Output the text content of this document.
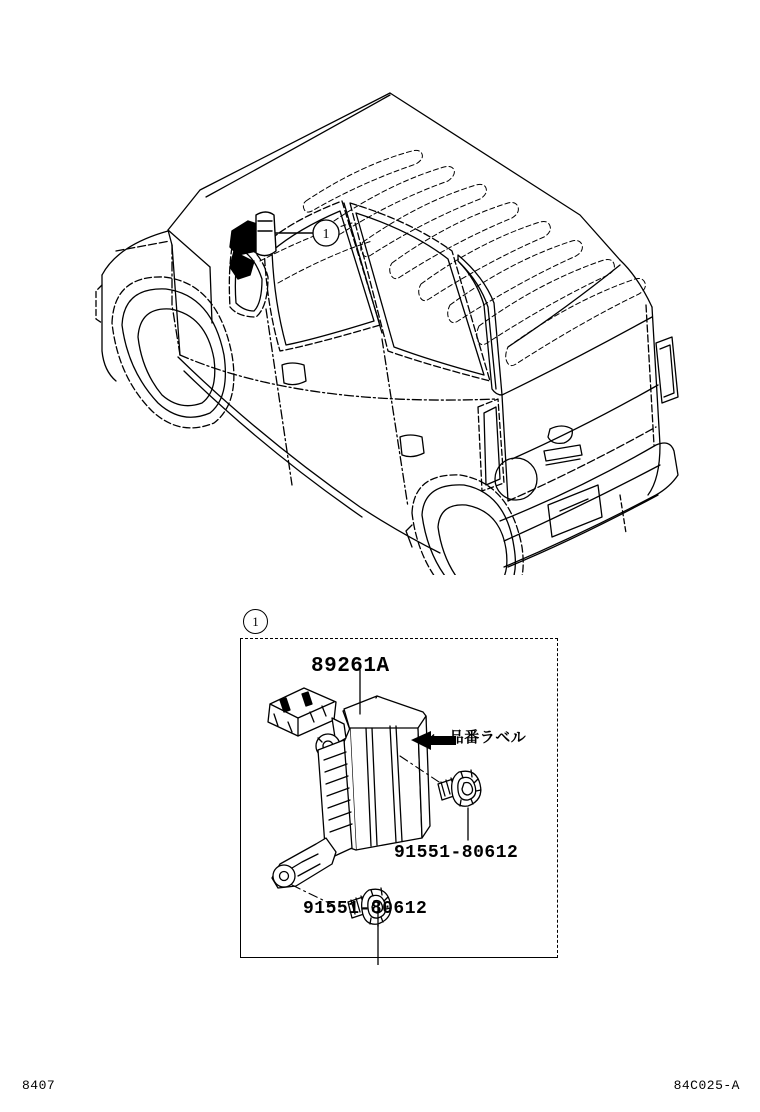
1
1
89261A
← 品番ラベル
91551-80612
91551-80612
8407	84C025-A
